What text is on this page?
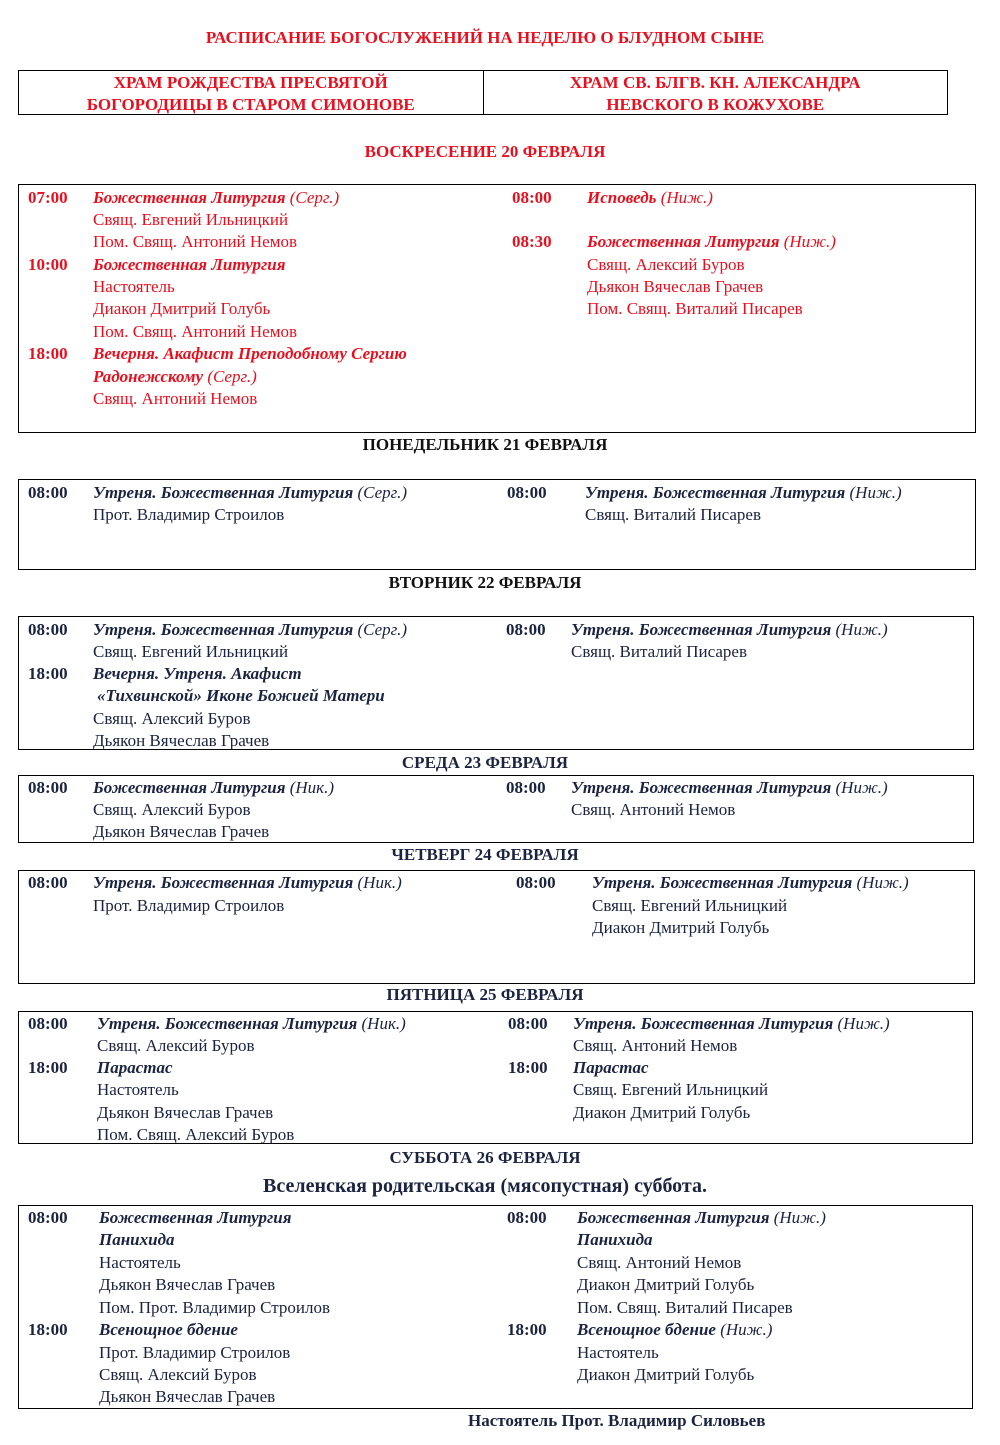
РАСПИСАНИЕ БОГОСЛУЖЕНИЙ НА НЕДЕЛЮ О БЛУДНОМ СЫНЕ
ХРАМ РОЖДЕСТВА ПРЕСВЯТОЙ
БОГОРОДИЦЫ В СТАРОМ СИМОНОВЕ
ХРАМ СВ. БЛГВ. КН. АЛЕКСАНДРА
НЕВСКОГО В КОЖУХОВЕ
ВОСКРЕСЕНИЕ 20 ФЕВРАЛЯ
07:00 Божественная Литургия (Серг.)
Свящ. Евгений Ильницкий
Пом. Свящ. Антоний Немов
10:00 Божественная Литургия
Настоятель
Диакон Дмитрий Голубь
Пом. Свящ. Антоний Немов
18:00 Вечерня. Акафист Преподобному Сергию
Радонежскому (Серг.)
Свящ. Антоний Немов
08:00 Исповедь (Ниж.)
08:30 Божественная Литургия (Ниж.)
Свящ. Алексий Буров
Дьякон Вячеслав Грачев
Пом. Свящ. Виталий Писарев
ПОНЕДЕЛЬНИК 21 ФЕВРАЛЯ
08:00 Утреня. Божественная Литургия (Серг.)
Прот. Владимир Строилов
08:00 Утреня. Божественная Литургия (Ниж.)
Свящ. Виталий Писарев
ВТОРНИК 22 ФЕВРАЛЯ
08:00 Утреня. Божественная Литургия (Серг.)
Свящ. Евгений Ильницкий
18:00 Вечерня. Утреня. Акафист
«Тихвинской» Иконе Божией Матери
Свящ. Алексий Буров
Дьякон Вячеслав Грачев
08:00 Утреня. Божественная Литургия (Ниж.)
Свящ. Виталий Писарев
СРЕДА 23 ФЕВРАЛЯ
08:00 Божественная Литургия (Ник.)
Свящ. Алексий Буров
Дьякон Вячеслав Грачев
08:00 Утреня. Божественная Литургия (Ниж.)
Свящ. Антоний Немов
ЧЕТВЕРГ 24 ФЕВРАЛЯ
08:00 Утреня. Божественная Литургия (Ник.)
Прот. Владимир Строилов
08:00 Утреня. Божественная Литургия (Ниж.)
Свящ. Евгений Ильницкий
Диакон Дмитрий Голубь
ПЯТНИЦА 25 ФЕВРАЛЯ
08:00 Утреня. Божественная Литургия (Ник.)
Свящ. Алексий Буров
18:00 Парастас
Настоятель
Дьякон Вячеслав Грачев
Пом. Свящ. Алексий Буров
08:00 Утреня. Божественная Литургия (Ниж.)
Свящ. Антоний Немов
18:00 Парастас
Свящ. Евгений Ильницкий
Диакон Дмитрий Голубь
СУББОТА 26 ФЕВРАЛЯ
Вселенская родительская (мясопустная) суббота.
08:00 Божественная Литургия
Панихида
Настоятель
Дьякон Вячеслав Грачев
Пом. Прот. Владимир Строилов
18:00 Всенощное бдение
Прот. Владимир Строилов
Свящ. Алексий Буров
Дьякон Вячеслав Грачев
08:00 Божественная Литургия (Ниж.)
Панихида
Свящ. Антоний Немов
Диакон Дмитрий Голубь
Пом. Свящ. Виталий Писарев
18:00 Всенощное бдение (Ниж.)
Настоятель
Диакон Дмитрий Голубь
Настоятель Прот. Владимир Силовьев
